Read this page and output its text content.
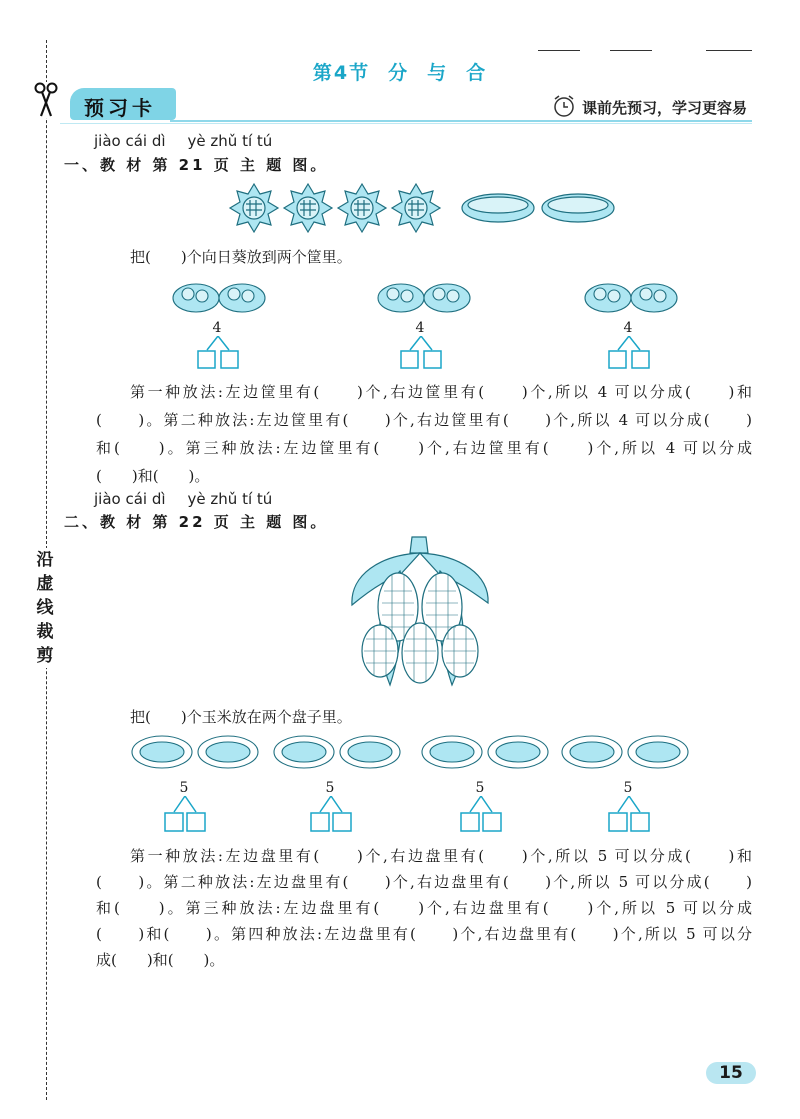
沿
虚
线
裁
剪
第4节 分 与 合
预习卡	课前先预习，学习更容易
jiào cái dì yè zhǔ tí tú
一、教 材 第 21 页 主 题 图。
把(　　)个向日葵放到两个筐里。
4	4	4
第一种放法:左边筐里有(　　)个,右边筐里有(　　)个,所以 4 可以分成(　　)和
(　　)。第二种放法:左边筐里有(　　)个,右边筐里有(　　)个,所以 4 可以分成(　　)
和(　　)。第三种放法:左边筐里有(　　)个,右边筐里有(　　)个,所以 4 可以分成
(　　)和(　　)。
jiào cái dì yè zhǔ tí tú
二、教 材 第 22 页 主 题 图。
把(　　)个玉米放在两个盘子里。
5	5	5	5
第一种放法:左边盘里有(　　)个,右边盘里有(　　)个,所以 5 可以分成(　　)和
(　　)。第二种放法:左边盘里有(　　)个,右边盘里有(　　)个,所以 5 可以分成(　　)
和(　　)。第三种放法:左边盘里有(　　)个,右边盘里有(　　)个,所以 5 可以分成
(　　)和(　　)。第四种放法:左边盘里有(　　)个,右边盘里有(　　)个,所以 5 可以分
成(　　)和(　　)。
15
